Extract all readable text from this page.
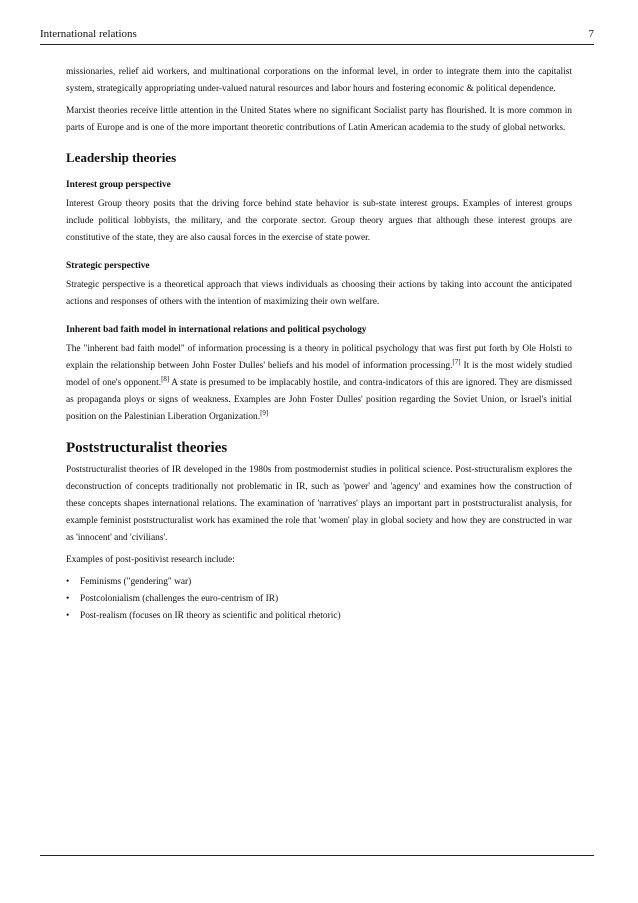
International relations	7

missionaries, relief aid workers, and multinational corporations on the informal level, in order to integrate them into the capitalist system, strategically appropriating under-valued natural resources and labor hours and fostering economic & political dependence.

Marxist theories receive little attention in the United States where no significant Socialist party has flourished. It is more common in parts of Europe and is one of the more important theoretic contributions of Latin American academia to the study of global networks.

Leadership theories
Interest group perspective

Interest Group theory posits that the driving force behind state behavior is sub-state interest groups. Examples of interest groups include political lobbyists, the military, and the corporate sector. Group theory argues that although these interest groups are constitutive of the state, they are also causal forces in the exercise of state power.

Strategic perspective

Strategic perspective is a theoretical approach that views individuals as choosing their actions by taking into account the anticipated actions and responses of others with the intention of maximizing their own welfare.

Inherent bad faith model in international relations and political psychology

The "inherent bad faith model" of information processing is a theory in political psychology that was first put forth by Ole Holsti to explain the relationship between John Foster Dulles' beliefs and his model of information processing.[7] It is the most widely studied model of one's opponent.[8] A state is presumed to be implacably hostile, and contra-indicators of this are ignored. They are dismissed as propaganda ploys or signs of weakness. Examples are John Foster Dulles' position regarding the Soviet Union, or Israel's initial position on the Palestinian Liberation Organization.[9]

Poststructuralist theories

Poststructuralist theories of IR developed in the 1980s from postmodernist studies in political science. Post-structuralism explores the deconstruction of concepts traditionally not problematic in IR, such as 'power' and 'agency' and examines how the construction of these concepts shapes international relations. The examination of 'narratives' plays an important part in poststructuralist analysis, for example feminist poststructuralist work has examined the role that 'women' play in global society and how they are constructed in war as 'innocent' and 'civilians'.

Examples of post-positivist research include:

• Feminisms ("gendering" war)
• Postcolonialism (challenges the euro-centrism of IR)
• Post-realism (focuses on IR theory as scientific and political rhetoric)
